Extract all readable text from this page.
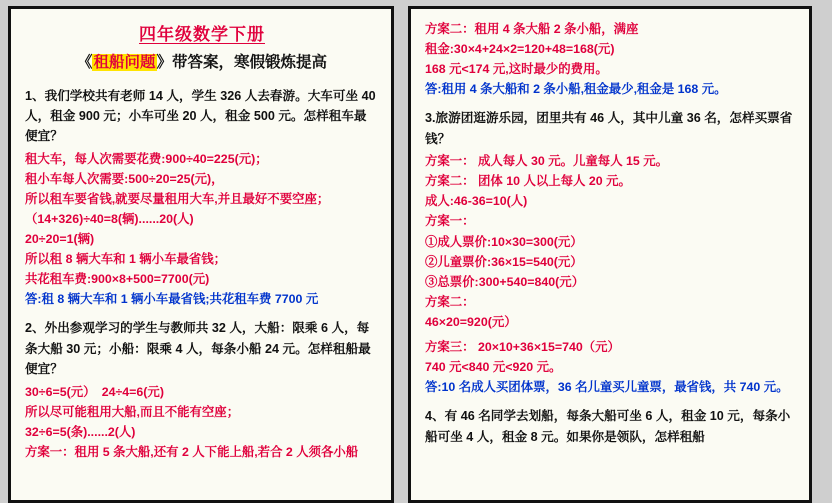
四年级数学下册
《租船问题》带答案，寒假锻炼提高
1、我们学校共有老师 14 人，学生 326 人去春游。大车可坐 40 人，租金 900 元；小车可坐 20 人，租金 500 元。怎样租车最便宜？
租大车，每人次需要花费:900÷40=225(元)；
租小车每人次需要:500÷20=25(元)，
所以租车要省钱,就要尽量租用大车,并且最好不要空座；
（14+326)÷40=8(辆)......20(人)
20÷20=1(辆)
所以租 8 辆大车和 1 辆小车最省钱；
共花租车费:900×8+500=7700(元)
答:租 8 辆大车和 1 辆小车最省钱;共花租车费 7700 元
2、外出参观学习的学生与教师共 32 人，大船：限乘 6 人，每条大船 30 元；小船：限乘 4 人，每条小船 24 元。怎样租船最便宜？
30÷6=5(元）　24÷4=6(元)
所以尽可能租用大船,而且不能有空座；
32÷6=5(条)......2(人)
方案一：租用 5 条大船,还有 2 人下能上船,若合 2 人须各小船
方案二：租用 4 条大船 2 条小船，满座
租金:30×4+24×2=120+48=168(元)
168 元<174 元,这时最少的费用。
答:租用 4 条大船和 2 条小船,租金最少,租金是 168 元。
3.旅游团逛游乐园，团里共有 46 人，其中儿童 36 名，怎样买票省钱？
方案一： 成人每人 30 元。儿童每人 15 元。
方案二： 团体 10 人以上每人 20 元。
成人:46-36=10(人)
方案一：
①成人票价:10×30=300(元）
②儿童票价:36×15=540(元）
③总票价:300+540=840(元）
方案二：
46×20=920(元）
方案三： 20×10+36×15=740（元）
740 元<840 元<920 元。
答:10 名成人买团体票，36 名儿童买儿童票，最省钱，共 740 元。
4、有 46 名同学去划船，每条大船可坐 6 人，租金 10 元，每条小船可坐 4 人，租金 8 元。如果你是领队，怎样租船
